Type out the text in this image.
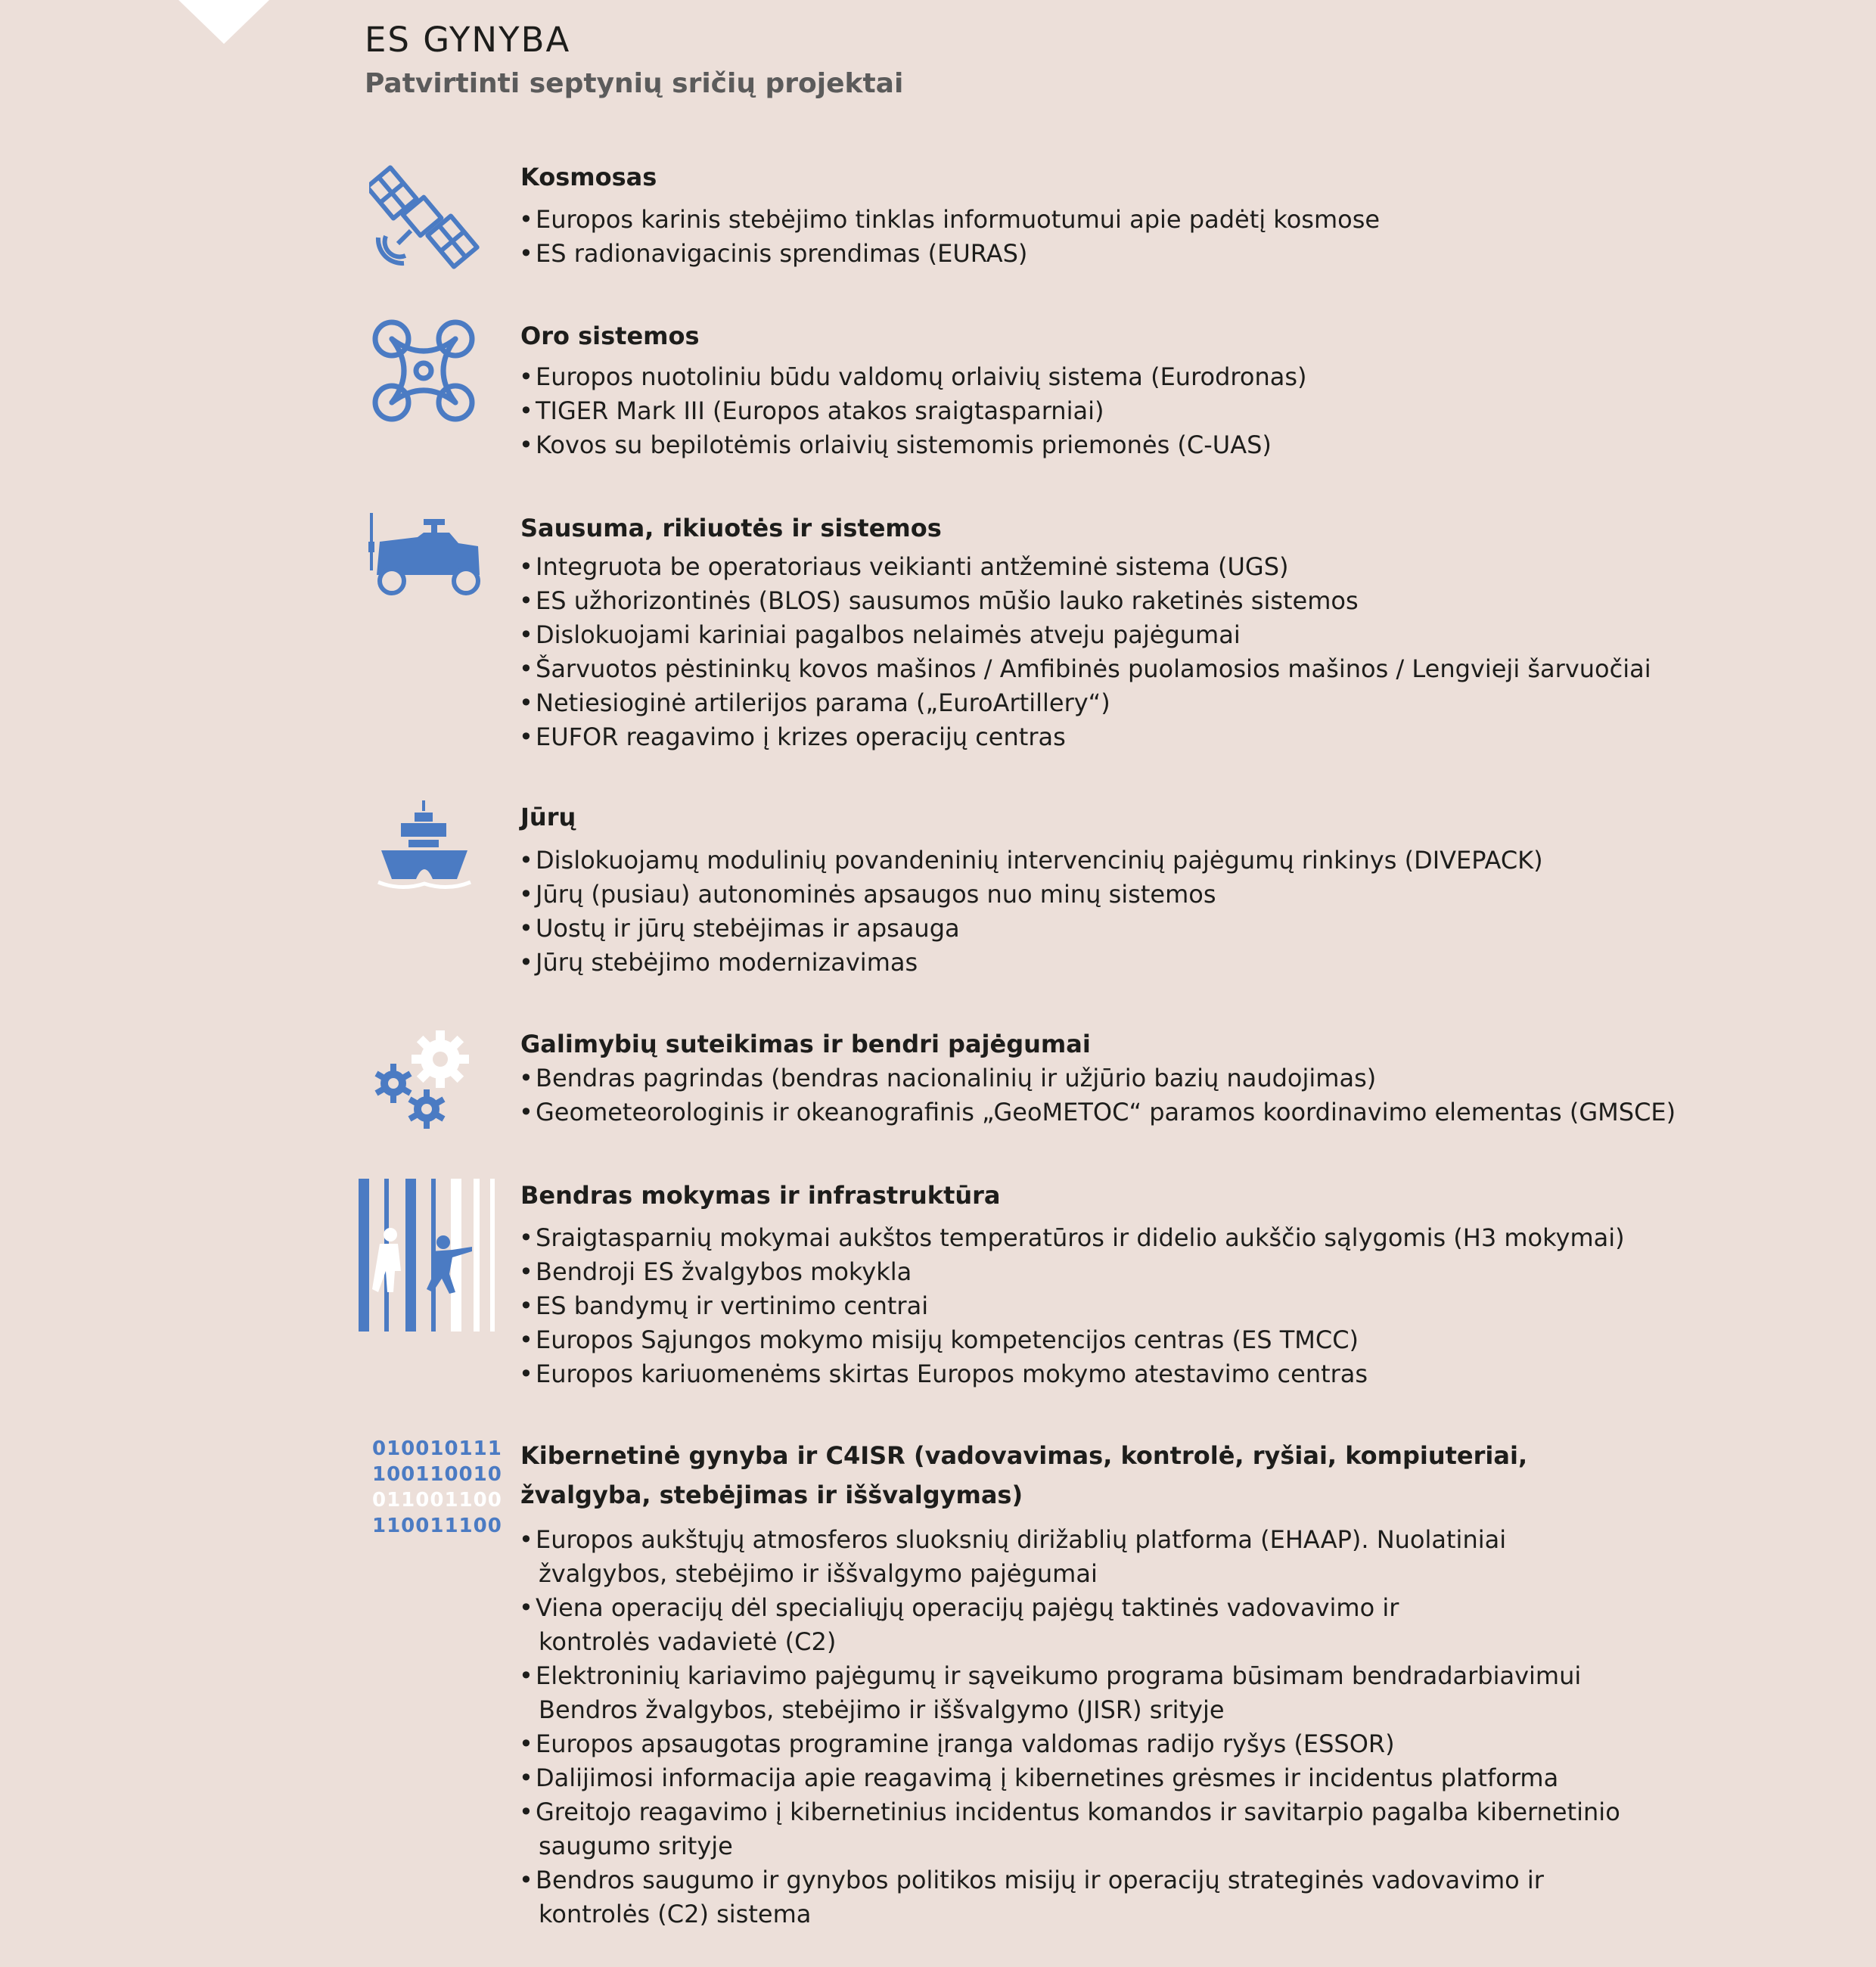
ES GYNYBA
Patvirtinti septynių sričių projektai
Kosmosas
• Europos karinis stebėjimo tinklas informuotumui apie padėtį kosmose
• ES radionavigacinis sprendimas (EURAS)
Oro sistemos
• Europos nuotoliniu būdu valdomų orlaivių sistema (Eurodronas)
• TIGER Mark III (Europos atakos sraigtasparniai)
• Kovos su bepilotėmis orlaivių sistemomis priemonės (C-UAS)
Sausuma, rikiuotės ir sistemos
• Integruota be operatoriaus veikianti antžeminė sistema (UGS)
• ES užhorizontinės (BLOS) sausumos mūšio lauko raketinės sistemos
• Dislokuojami kariniai pagalbos nelaimės atveju pajėgumai
• Šarvuotos pėstininkų kovos mašinos / Amfibinės puolamosios mašinos / Lengvieji šarvuočiai
• Netiesioginė artilerijos parama („EuroArtillery“)
• EUFOR reagavimo į krizes operacijų centras
Jūrų
• Dislokuojamų modulinių povandeninių intervencinių pajėgumų rinkinys (DIVEPACK)
• Jūrų (pusiau) autonominės apsaugos nuo minų sistemos
• Uostų ir jūrų stebėjimas ir apsauga
• Jūrų stebėjimo modernizavimas
Galimybių suteikimas ir bendri pajėgumai
• Bendras pagrindas (bendras nacionalinių ir užjūrio bazių naudojimas)
• Geometeorologinis ir okeanografinis „GeoMETOC“ paramos koordinavimo elementas (GMSCE)
Bendras mokymas ir infrastruktūra
• Sraigtasparnių mokymai aukštos temperatūros ir didelio aukščio sąlygomis (H3 mokymai)
• Bendroji ES žvalgybos mokykla
• ES bandymų ir vertinimo centrai
• Europos Sąjungos mokymo misijų kompetencijos centras (ES TMCC)
• Europos kariuomenėms skirtas Europos mokymo atestavimo centras
010010111
100110010
011001100
110011100
Kibernetinė gynyba ir C4ISR (vadovavimas, kontrolė, ryšiai, kompiuteriai,
žvalgyba, stebėjimas ir iššvalgymas)
• Europos aukštųjų atmosferos sluoksnių dirižablių platforma (EHAAP). Nuolatiniai
žvalgybos, stebėjimo ir iššvalgymo pajėgumai
• Viena operacijų dėl specialiųjų operacijų pajėgų taktinės vadovavimo ir
kontrolės vadavietė (C2)
• Elektroninių kariavimo pajėgumų ir sąveikumo programa būsimam bendradarbiavimui
Bendros žvalgybos, stebėjimo ir iššvalgymo (JISR) srityje
• Europos apsaugotas programine įranga valdomas radijo ryšys (ESSOR)
• Dalijimosi informacija apie reagavimą į kibernetines grėsmes ir incidentus platforma
• Greitojo reagavimo į kibernetinius incidentus komandos ir savitarpio pagalba kibernetinio
saugumo srityje
• Bendros saugumo ir gynybos politikos misijų ir operacijų strateginės vadovavimo ir
kontrolės (C2) sistema
